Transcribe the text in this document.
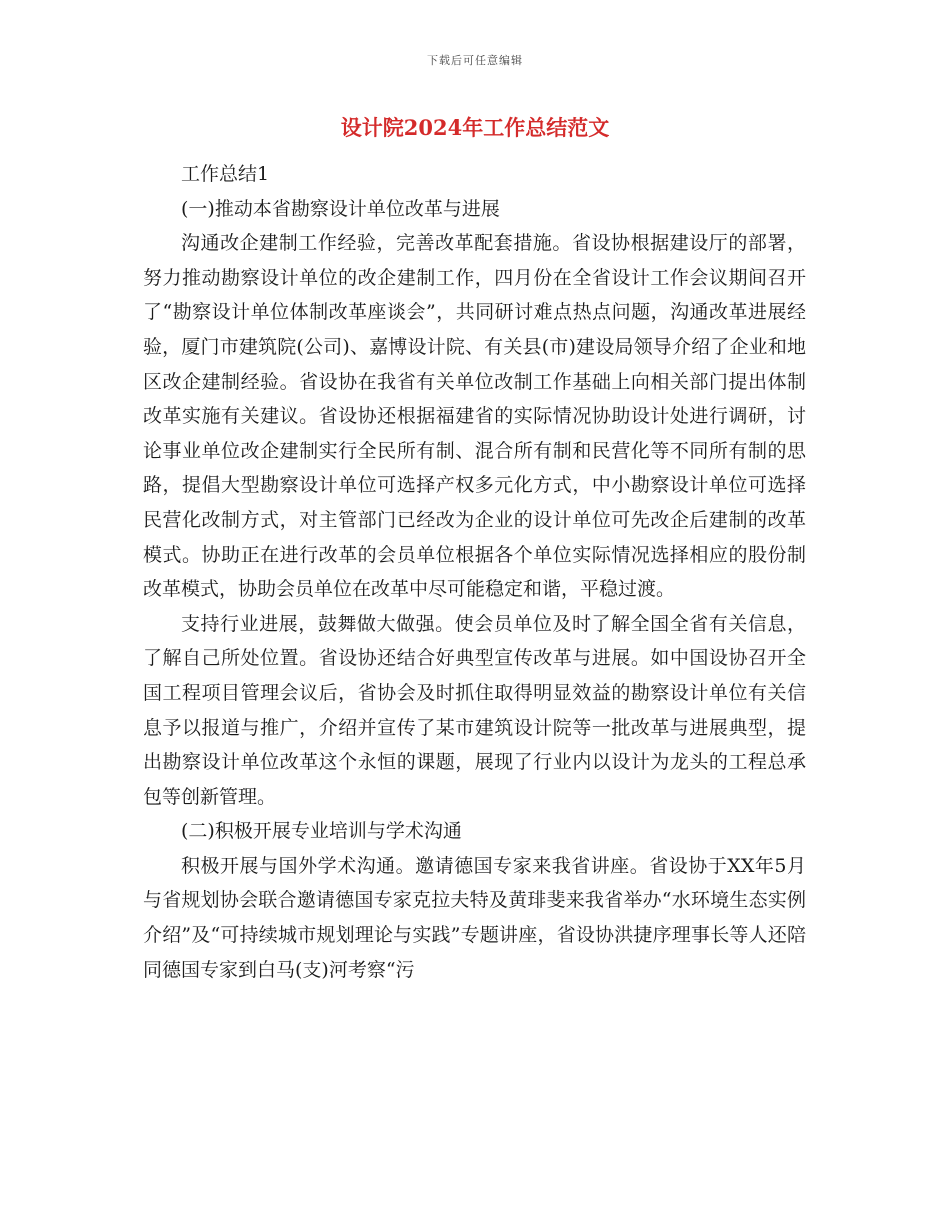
下载后可任意编辑
设计院2024年工作总结范文

工作总结1

(一)推动本省勘察设计单位改革与进展

沟通改企建制工作经验，完善改革配套措施。省设协根据建设厅的部署，努力推动勘察设计单位的改企建制工作，四月份在全省设计工作会议期间召开了“勘察设计单位体制改革座谈会”，共同研讨难点热点问题，沟通改革进展经验，厦门市建筑院(公司)、嘉博设计院、有关县(市)建设局领导介绍了企业和地区改企建制经验。省设协在我省有关单位改制工作基础上向相关部门提出体制改革实施有关建议。省设协还根据福建省的实际情况协助设计处进行调研，讨论事业单位改企建制实行全民所有制、混合所有制和民营化等不同所有制的思路，提倡大型勘察设计单位可选择产权多元化方式，中小勘察设计单位可选择民营化改制方式，对主管部门已经改为企业的设计单位可先改企后建制的改革模式。协助正在进行改革的会员单位根据各个单位实际情况选择相应的股份制改革模式，协助会员单位在改革中尽可能稳定和谐，平稳过渡。

支持行业进展，鼓舞做大做强。使会员单位及时了解全国全省有关信息，了解自己所处位置。省设协还结合好典型宣传改革与进展。如中国设协召开全国工程项目管理会议后，省协会及时抓住取得明显效益的勘察设计单位有关信息予以报道与推广，介绍并宣传了某市建筑设计院等一批改革与进展典型，提出勘察设计单位改革这个永恒的课题，展现了行业内以设计为龙头的工程总承包等创新管理。

(二)积极开展专业培训与学术沟通

积极开展与国外学术沟通。邀请德国专家来我省讲座。省设协于XX年5月与省规划协会联合邀请德国专家克拉夫特及黄琲斐来我省举办“水环境生态实例介绍”及“可持续城市规划理论与实践”专题讲座，省设协洪捷序理事长等人还陪同德国专家到白马(支)河考察“污
